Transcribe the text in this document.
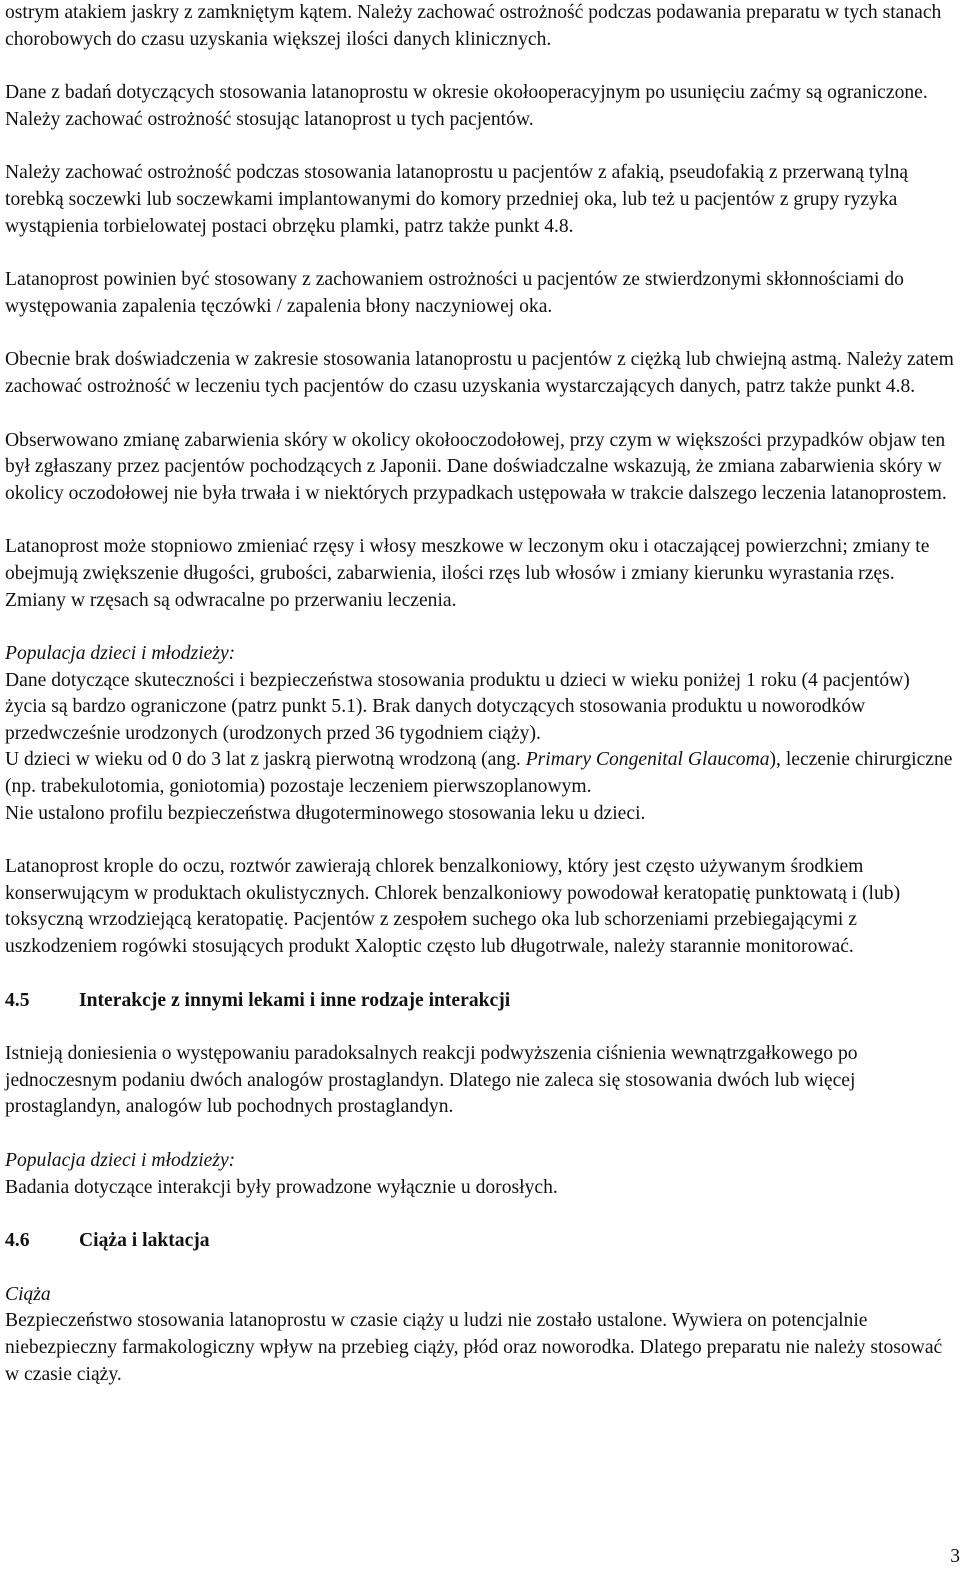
ostrym atakiem jaskry z zamkniętym kątem. Należy zachować ostrożność podczas podawania preparatu w tych stanach chorobowych do czasu uzyskania większej ilości danych klinicznych.

Dane z badań dotyczących stosowania latanoprostu w okresie okołooperacyjnym po usunięciu zaćmy są ograniczone. Należy zachować ostrożność stosując latanoprost u tych pacjentów.

Należy zachować ostrożność podczas stosowania latanoprostu u pacjentów z afakią, pseudofakią z przerwaną tylną torebką soczewki lub soczewkami implantowanymi do komory przedniej oka, lub też u pacjentów z grupy ryzyka wystąpienia torbielowatej postaci obrzęku plamki, patrz także punkt 4.8.

Latanoprost powinien być stosowany z zachowaniem ostrożności u pacjentów ze stwierdzonymi skłonnościami do występowania zapalenia tęczówki / zapalenia błony naczyniowej oka.

Obecnie brak doświadczenia w zakresie stosowania latanoprostu u pacjentów z ciężką lub chwiejną astmą. Należy zatem zachować ostrożność w leczeniu tych pacjentów do czasu uzyskania wystarczających danych, patrz także punkt 4.8.

Obserwowano zmianę zabarwienia skóry w okolicy okołooczodołowej, przy czym w większości przypadków objaw ten był zgłaszany przez pacjentów pochodzących z Japonii. Dane doświadczalne wskazują, że zmiana zabarwienia skóry w okolicy oczodołowej nie była trwała i w niektórych przypadkach ustępowała w trakcie dalszego leczenia latanoprostem.

Latanoprost może stopniowo zmieniać rzęsy i włosy meszkowe w leczonym oku i otaczającej powierzchni; zmiany te obejmują zwiększenie długości, grubości, zabarwienia, ilości rzęs lub włosów i zmiany kierunku wyrastania rzęs. Zmiany w rzęsach są odwracalne po przerwaniu leczenia.

Populacja dzieci i młodzieży:

Dane dotyczące skuteczności i bezpieczeństwa stosowania produktu u dzieci w wieku poniżej 1 roku (4 pacjentów) życia są bardzo ograniczone (patrz punkt 5.1). Brak danych dotyczących stosowania produktu u noworodków przedwcześnie urodzonych (urodzonych przed 36 tygodniem ciąży).

U dzieci w wieku od 0 do 3 lat z jaskrą pierwotną wrodzoną (ang. Primary Congenital Glaucoma), leczenie chirurgiczne (np. trabekulotomia, goniotomia) pozostaje leczeniem pierwszoplanowym.

Nie ustalono profilu bezpieczeństwa długoterminowego stosowania leku u dzieci.

Latanoprost krople do oczu, roztwór zawierają chlorek benzalkoniowy, który jest często używanym środkiem konserwującym w produktach okulistycznych. Chlorek benzalkoniowy powodował keratopatię punktowatą i (lub) toksyczną wrzodziejącą keratopatię. Pacjentów z zespołem suchego oka lub schorzeniami przebiegającymi z uszkodzeniem rogówki stosujących produkt Xaloptic często lub długotrwale, należy starannie monitorować.

4.5	Interakcje z innymi lekami i inne rodzaje interakcji

Istnieją doniesienia o występowaniu paradoksalnych reakcji podwyższenia ciśnienia wewnątrzgałkowego po jednoczesnym podaniu dwóch analogów prostaglandyn. Dlatego nie zaleca się stosowania dwóch lub więcej prostaglandyn, analogów lub pochodnych prostaglandyn.

Populacja dzieci i młodzieży:

Badania dotyczące interakcji były prowadzone wyłącznie u dorosłych.

4.6	Ciąża i laktacja

Ciąża

Bezpieczeństwo stosowania latanoprostu w czasie ciąży u ludzi nie zostało ustalone. Wywiera on potencjalnie niebezpieczny farmakologiczny wpływ na przebieg ciąży, płód oraz noworodka. Dlatego preparatu nie należy stosować w czasie ciąży.

3
